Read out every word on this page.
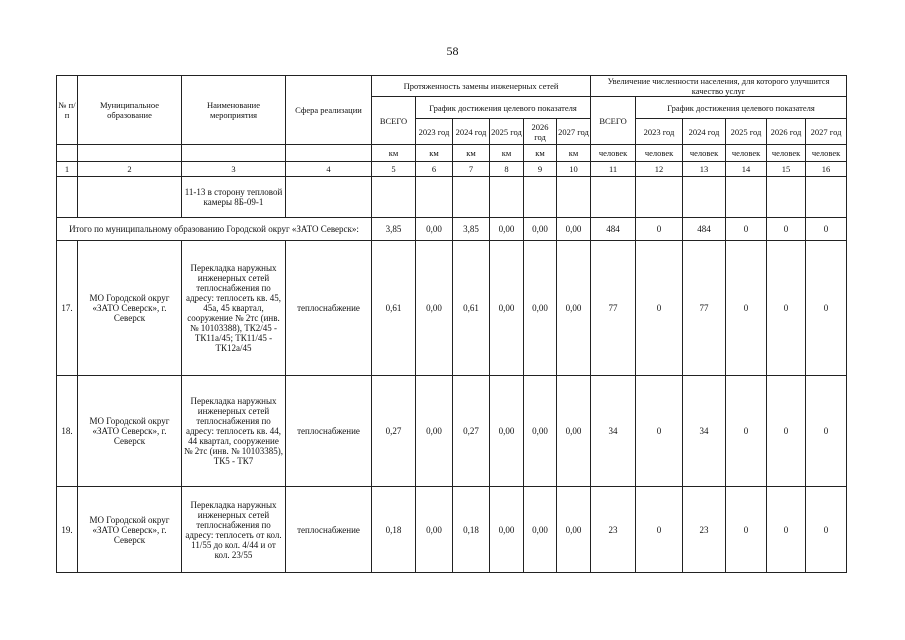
58
№ п/п	Муниципальное образование	Наименование мероприятия	Сфера реализации	Протяженность замены инженерных сетей						Увеличение численности населения, для которого улучшится качество услуг					
				ВСЕГО	График достижения целевого показателя					ВСЕГО	График достижения целевого показателя				
					2023 год	2024 год	2025 год	2026 год	2027 год		2023 год	2024 год	2025 год	2026 год	2027 год
				км	км	км	км	км	км	человек	человек	человек	человек	человек	человек
1	2	3	4	5	6	7	8	9	10	11	12	13	14	15	16
		11-13 в сторону тепловой камеры 8Б-09-1													
Итого по муниципальному образованию Городской округ «ЗАТО Северск»:				3,85	0,00	3,85	0,00	0,00	0,00	484	0	484	0	0	0
17.	МО Городской округ «ЗАТО Северск», г. Северск	Перекладка наружных инженерных сетей теплоснабжения по адресу: теплосеть кв. 45, 45а, 45 квартал, сооружение № 2тс (инв. № 10103388), ТК2/45 - ТК11а/45; ТК11/45 - ТК12а/45	теплоснабжение	0,61	0,00	0,61	0,00	0,00	0,00	77	0	77	0	0	0
18.	МО Городской округ «ЗАТО Северск», г. Северск	Перекладка наружных инженерных сетей теплоснабжения по адресу: теплосеть кв. 44, 44 квартал, сооружение № 2тс (инв. № 10103385), ТК5 - ТК7	теплоснабжение	0,27	0,00	0,27	0,00	0,00	0,00	34	0	34	0	0	0
19.	МО Городской округ «ЗАТО Северск», г. Северск	Перекладка наружных инженерных сетей теплоснабжения по адресу: теплосеть от кол. 11/55 до кол. 4/44 и от кол. 23/55	теплоснабжение	0,18	0,00	0,18	0,00	0,00	0,00	23	0	23	0	0	0
